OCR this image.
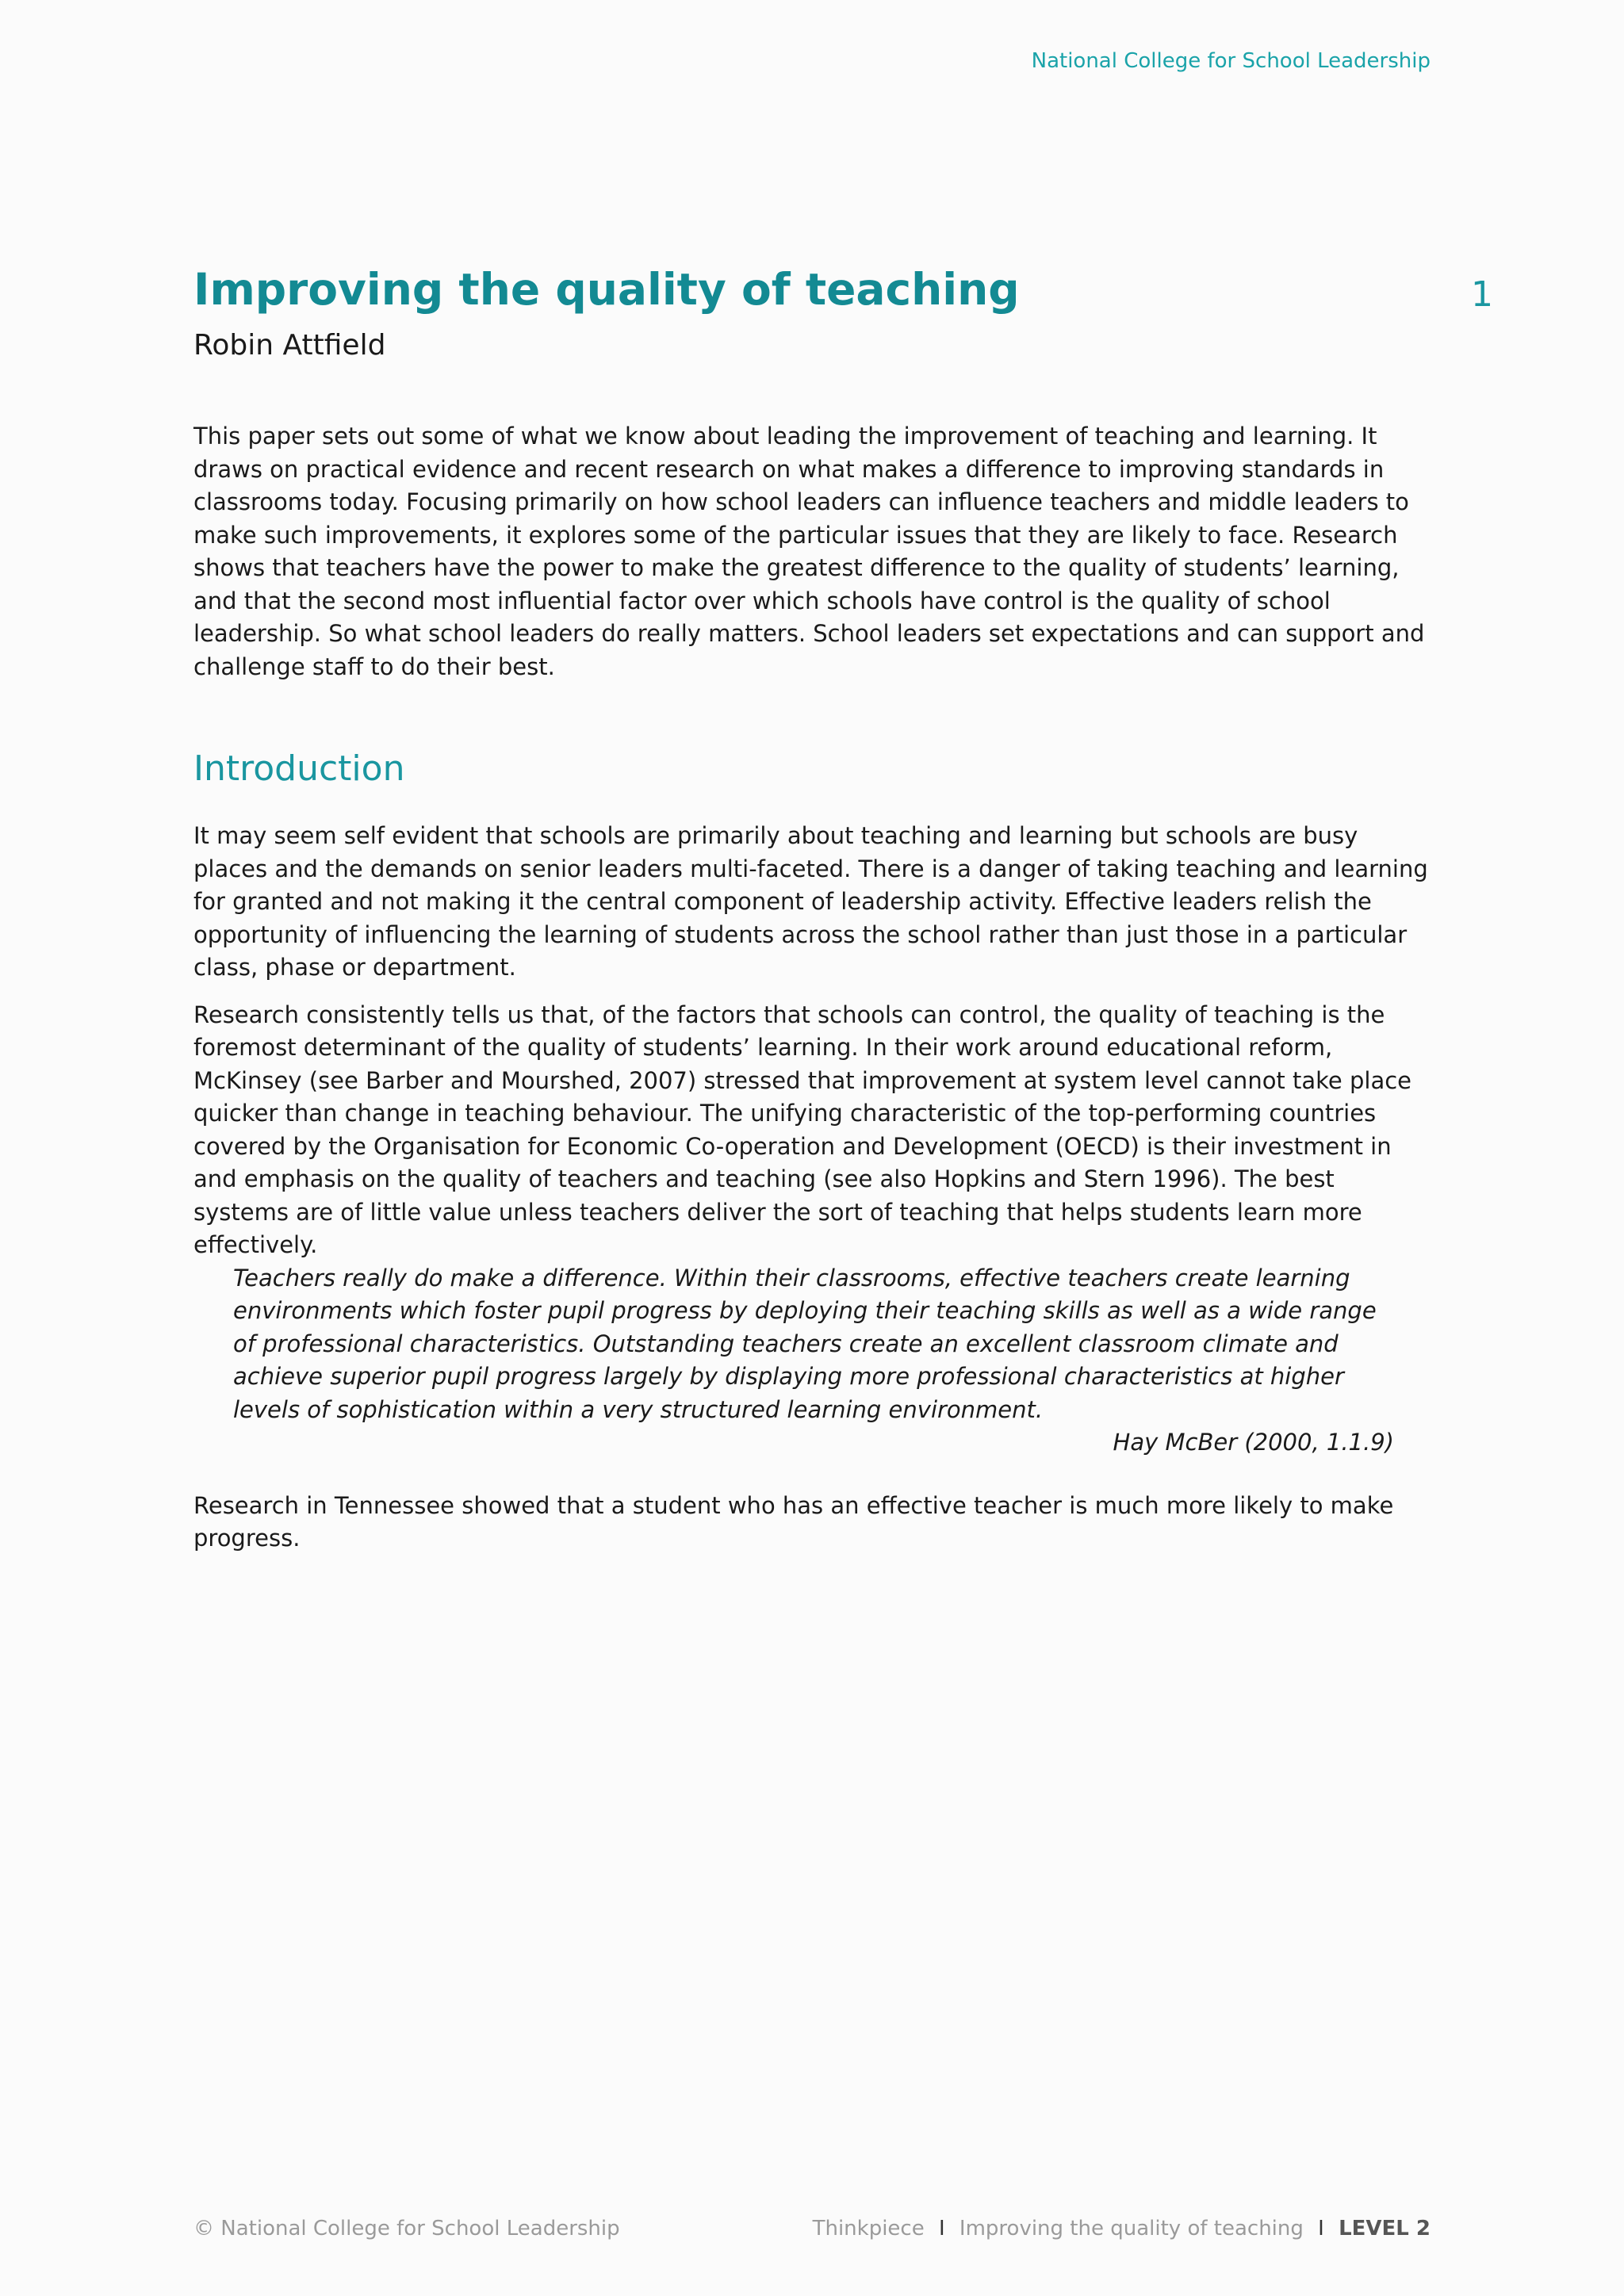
National College for School Leadership
1
Improving the quality of teaching
Robin Attfield

This paper sets out some of what we know about leading the improvement of teaching and learning. It draws on practical evidence and recent research on what makes a difference to improving standards in classrooms today. Focusing primarily on how school leaders can influence teachers and middle leaders to make such improvements, it explores some of the particular issues that they are likely to face. Research shows that teachers have the power to make the greatest difference to the quality of students’ learning, and that the second most influential factor over which schools have control is the quality of school leadership. So what school leaders do really matters. School leaders set expectations and can support and challenge staff to do their best.

Introduction

It may seem self evident that schools are primarily about teaching and learning but schools are busy places and the demands on senior leaders multi-faceted. There is a danger of taking teaching and learning for granted and not making it the central component of leadership activity. Effective leaders relish the opportunity of influencing the learning of students across the school rather than just those in a particular class, phase or department.

Research consistently tells us that, of the factors that schools can control, the quality of teaching is the foremost determinant of the quality of students’ learning. In their work around educational reform, McKinsey (see Barber and Mourshed, 2007) stressed that improvement at system level cannot take place quicker than change in teaching behaviour. The unifying characteristic of the top-performing countries covered by the Organisation for Economic Co-operation and Development (OECD) is their investment in and emphasis on the quality of teachers and teaching (see also Hopkins and Stern 1996). The best systems are of little value unless teachers deliver the sort of teaching that helps students learn more effectively.

Teachers really do make a difference. Within their classrooms, effective teachers create learning environments which foster pupil progress by deploying their teaching skills as well as a wide range of professional characteristics. Outstanding teachers create an excellent classroom climate and achieve superior pupil progress largely by displaying more professional characteristics at higher levels of sophistication within a very structured learning environment.

Hay McBer (2000, 1.1.9)

Research in Tennessee showed that a student who has an effective teacher is much more likely to make progress.

© National College for School Leadership	Thinkpiece I Improving the quality of teaching I LEVEL 2
